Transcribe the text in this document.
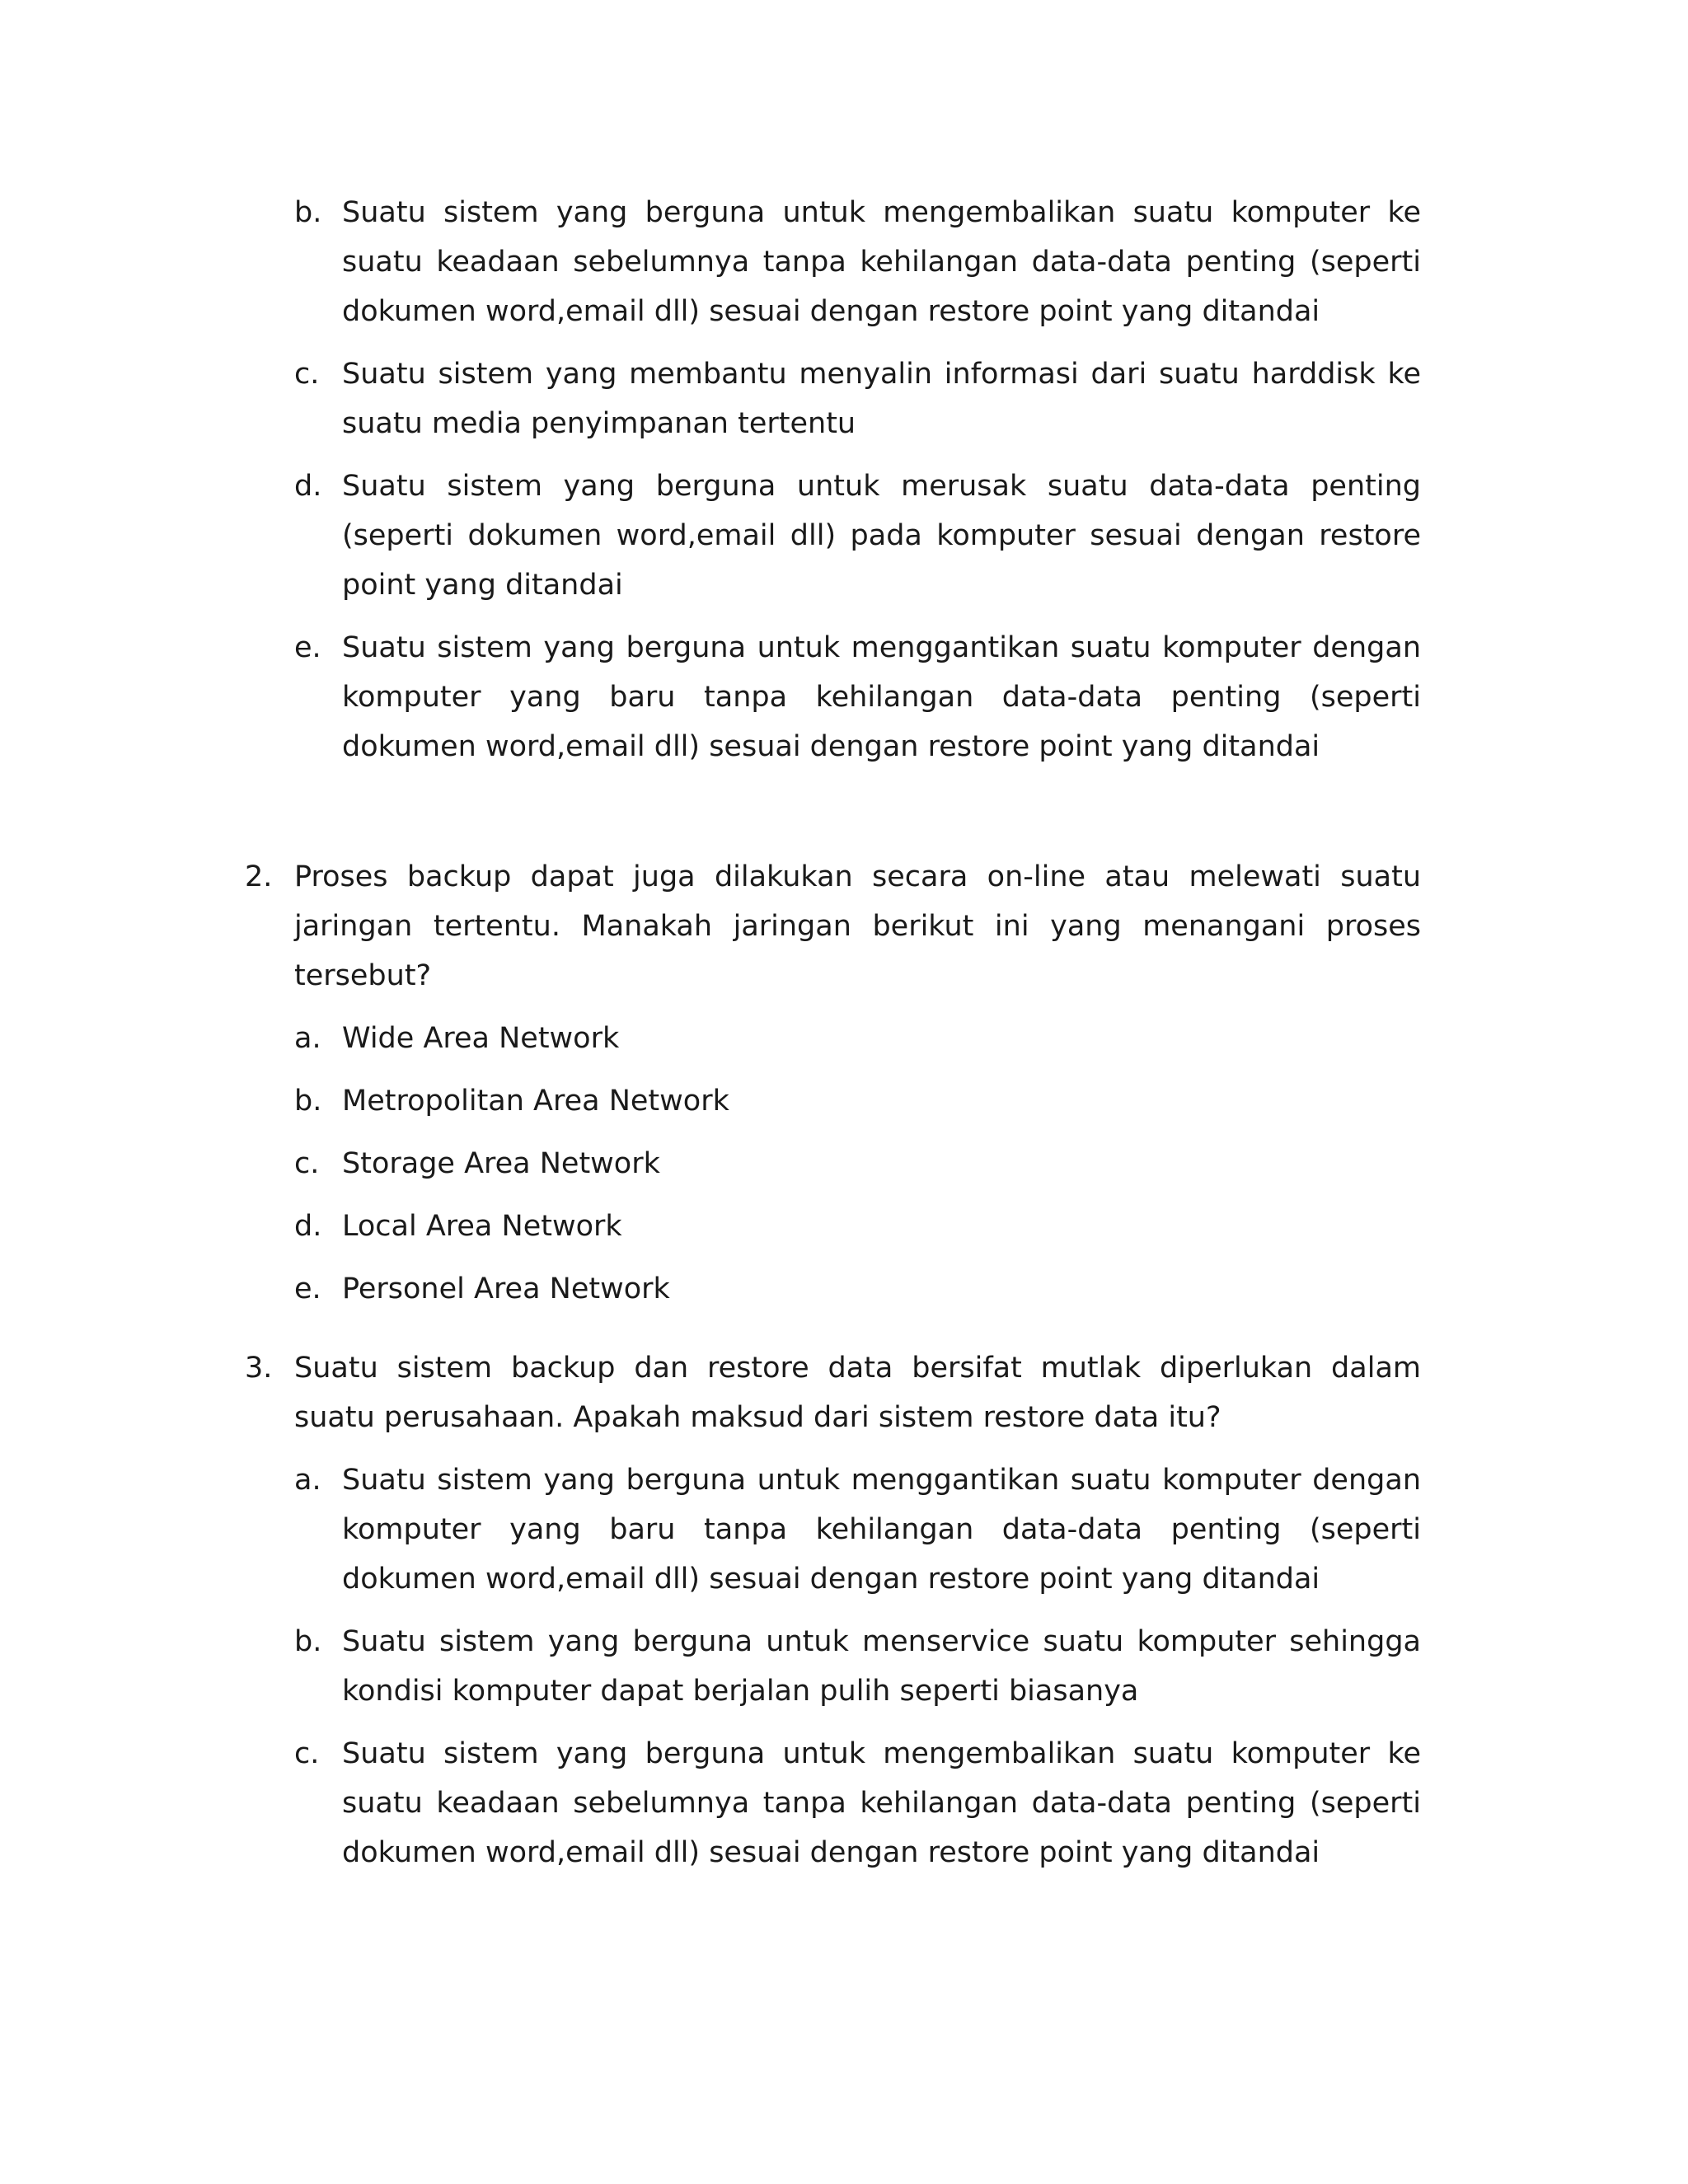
b. Suatu sistem yang berguna untuk mengembalikan suatu komputer ke suatu keadaan sebelumnya tanpa kehilangan data-data penting (seperti dokumen word,email dll) sesuai dengan restore point yang ditandai
c. Suatu sistem yang membantu menyalin informasi dari suatu harddisk ke suatu media penyimpanan tertentu
d. Suatu sistem yang berguna untuk merusak suatu data-data penting (seperti dokumen word,email dll) pada komputer sesuai dengan restore point yang ditandai
e. Suatu sistem yang berguna untuk menggantikan suatu komputer dengan komputer yang baru tanpa kehilangan data-data penting (seperti dokumen word,email dll) sesuai dengan restore point yang ditandai
2. Proses backup dapat juga dilakukan secara on-line atau melewati suatu jaringan tertentu. Manakah jaringan berikut ini yang menangani proses tersebut?
a. Wide Area Network
b. Metropolitan Area Network
c. Storage Area Network
d. Local Area Network
e. Personel Area Network
3. Suatu sistem backup dan restore data bersifat mutlak diperlukan dalam suatu perusahaan. Apakah maksud dari sistem restore data itu?
a. Suatu sistem yang berguna untuk menggantikan suatu komputer dengan komputer yang baru tanpa kehilangan data-data penting (seperti dokumen word,email dll) sesuai dengan restore point yang ditandai
b. Suatu sistem yang berguna untuk menservice suatu komputer sehingga kondisi komputer dapat berjalan pulih seperti biasanya
c. Suatu sistem yang berguna untuk mengembalikan suatu komputer ke suatu keadaan sebelumnya tanpa kehilangan data-data penting (seperti dokumen word,email dll) sesuai dengan restore point yang ditandai
